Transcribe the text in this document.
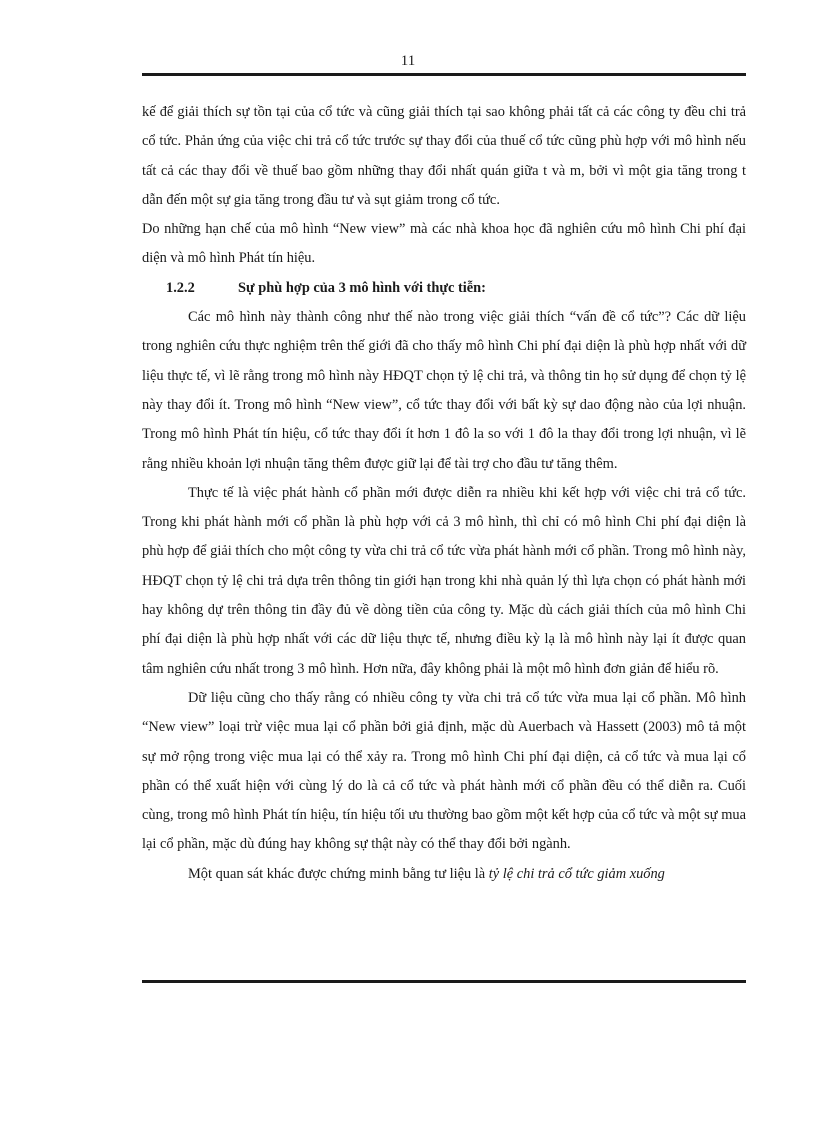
11

kế để giải thích sự tồn tại của cổ tức và cũng giải thích tại sao không phải tất cả các công ty đều chi trả cổ tức. Phản ứng của việc chi trả cổ tức trước sự thay đổi của thuế cổ tức cũng phù hợp với mô hình nếu tất cả các thay đổi về thuế bao gồm những thay đổi nhất quán giữa t và m, bởi vì một gia tăng trong t dẫn đến một sự gia tăng trong đầu tư và sụt giảm trong cổ tức.

Do những hạn chế của mô hình “New view” mà các nhà khoa học đã nghiên cứu mô hình Chi phí đại diện và mô hình Phát tín hiệu.

1.2.2	Sự phù hợp của 3 mô hình với thực tiễn:

Các mô hình này thành công như thế nào trong việc giải thích “vấn đề cổ tức”? Các dữ liệu trong nghiên cứu thực nghiệm trên thế giới đã cho thấy mô hình Chi phí đại diện là phù hợp nhất với dữ liệu thực tế, vì lẽ rằng trong mô hình này HĐQT chọn tỷ lệ chi trả, và thông tin họ sử dụng để chọn tỷ lệ này thay đổi ít. Trong mô hình “New view”, cổ tức thay đổi với bất kỳ sự dao động nào của lợi nhuận. Trong mô hình Phát tín hiệu, cổ tức thay đổi ít hơn 1 đô la so với 1 đô la thay đổi trong lợi nhuận, vì lẽ rằng nhiều khoản lợi nhuận tăng thêm được giữ lại để tài trợ cho đầu tư tăng thêm.

Thực tế là việc phát hành cổ phần mới được diễn ra nhiều khi kết hợp với việc chi trả cổ tức. Trong khi phát hành mới cổ phần là phù hợp với cả 3 mô hình, thì chỉ có mô hình Chi phí đại diện là phù hợp để giải thích cho một công ty vừa chi trả cổ tức vừa phát hành mới cổ phần. Trong mô hình này, HĐQT chọn tỷ lệ chi trả dựa trên thông tin giới hạn trong khi nhà quản lý thì lựa chọn có phát hành mới hay không dự trên thông tin đầy đủ về dòng tiền của công ty. Mặc dù cách giải thích của mô hình Chi phí đại diện là phù hợp nhất với các dữ liệu thực tế, nhưng điều kỳ lạ là mô hình này lại ít được quan tâm nghiên cứu nhất trong 3 mô hình. Hơn nữa, đây không phải là một mô hình đơn giản để hiểu rõ.

Dữ liệu cũng cho thấy rằng có nhiều công ty vừa chi trả cổ tức vừa mua lại cổ phần. Mô hình “New view” loại trừ việc mua lại cổ phần bởi giả định, mặc dù Auerbach và Hassett (2003) mô tả một sự mở rộng trong việc mua lại có thể xảy ra. Trong mô hình Chi phí đại diện, cả cổ tức và mua lại cổ phần có thể xuất hiện với cùng lý do là cả cổ tức và phát hành mới cổ phần đều có thể diễn ra. Cuối cùng, trong mô hình Phát tín hiệu, tín hiệu tối ưu thường bao gồm một kết hợp của cổ tức và một sự mua lại cổ phần, mặc dù đúng hay không sự thật này có thể thay đổi bởi ngành.

Một quan sát khác được chứng minh bằng tư liệu là tỷ lệ chi trả cổ tức giảm xuống
